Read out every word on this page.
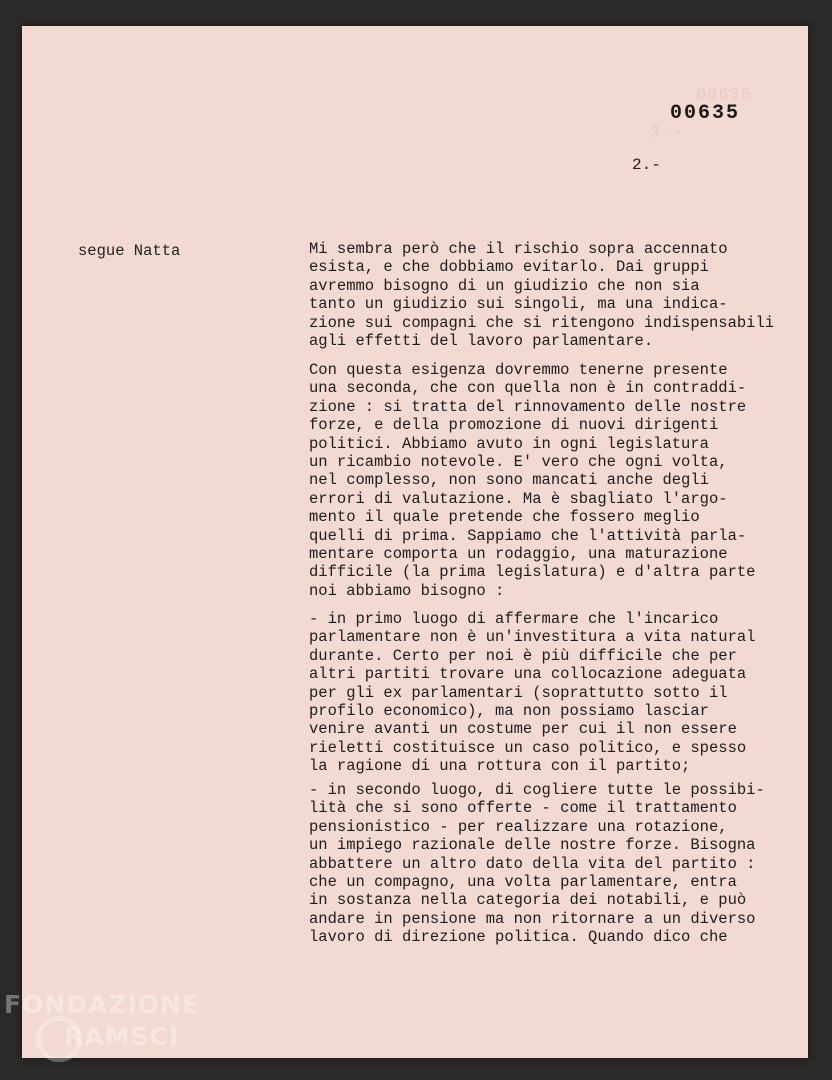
00636
3.-
00635
2.-
segue Natta	Mi sembra però che il rischio sopra accennato
esista, e che dobbiamo evitarlo. Dai gruppi
avremmo bisogno di un giudizio che non sia
tanto un giudizio sui singoli, ma una indica-
zione sui compagni che si ritengono indispensabili
agli effetti del lavoro parlamentare.

Con questa esigenza dovremmo tenerne presente
una seconda, che con quella non è in contraddi-
zione : si tratta del rinnovamento delle nostre
forze, e della promozione di nuovi dirigenti
politici. Abbiamo avuto in ogni legislatura
un ricambio notevole. E' vero che ogni volta,
nel complesso, non sono mancati anche degli
errori di valutazione. Ma è sbagliato l'argo-
mento il quale pretende che fossero meglio
quelli di prima. Sappiamo che l'attività parla-
mentare comporta un rodaggio, una maturazione
difficile (la prima legislatura) e d'altra parte
noi abbiamo bisogno :

- in primo luogo di affermare che l'incarico
parlamentare non è un'investitura a vita natural
durante. Certo per noi è più difficile che per
altri partiti trovare una collocazione adeguata
per gli ex parlamentari (soprattutto sotto il
profilo economico), ma non possiamo lasciar
venire avanti un costume per cui il non essere
rieletti costituisce un caso politico, e spesso
la ragione di una rottura con il partito;

- in secondo luogo, di cogliere tutte le possibi-
lità che si sono offerte - come il trattamento
pensionistico - per realizzare una rotazione,
un impiego razionale delle nostre forze. Bisogna
abbattere un altro dato della vita del partito :
che un compagno, una volta parlamentare, entra
in sostanza nella categoria dei notabili, e può
andare in pensione ma non ritornare a un diverso
lavoro di direzione politica. Quando dico che

FONDAZIONE
RAMSCI
